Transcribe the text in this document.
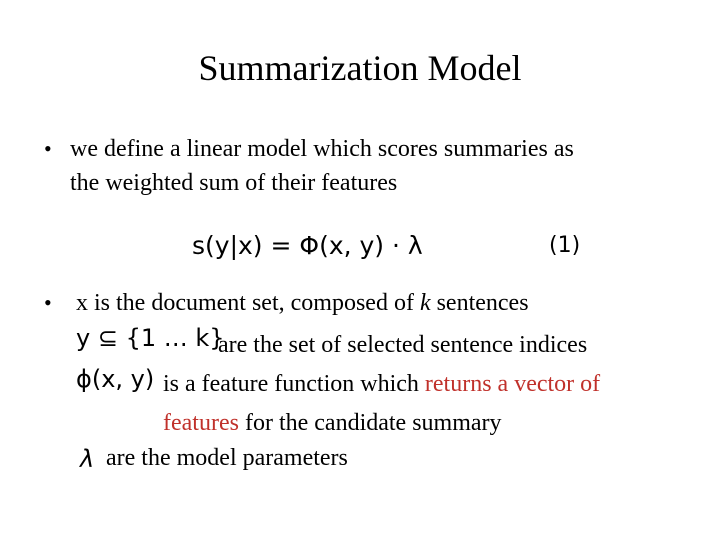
Summarization Model
• we define a linear model which scores summaries as
the weighted sum of their features
s(y|x) = Φ(x, y) · λ	(1)
• x is the document set, composed of k sentences
y ⊆ {1 … k}
are the set of selected sentence indices
ϕ(x, y) is a feature function which returns a vector of
features for the candidate summary
λ are the model parameters
